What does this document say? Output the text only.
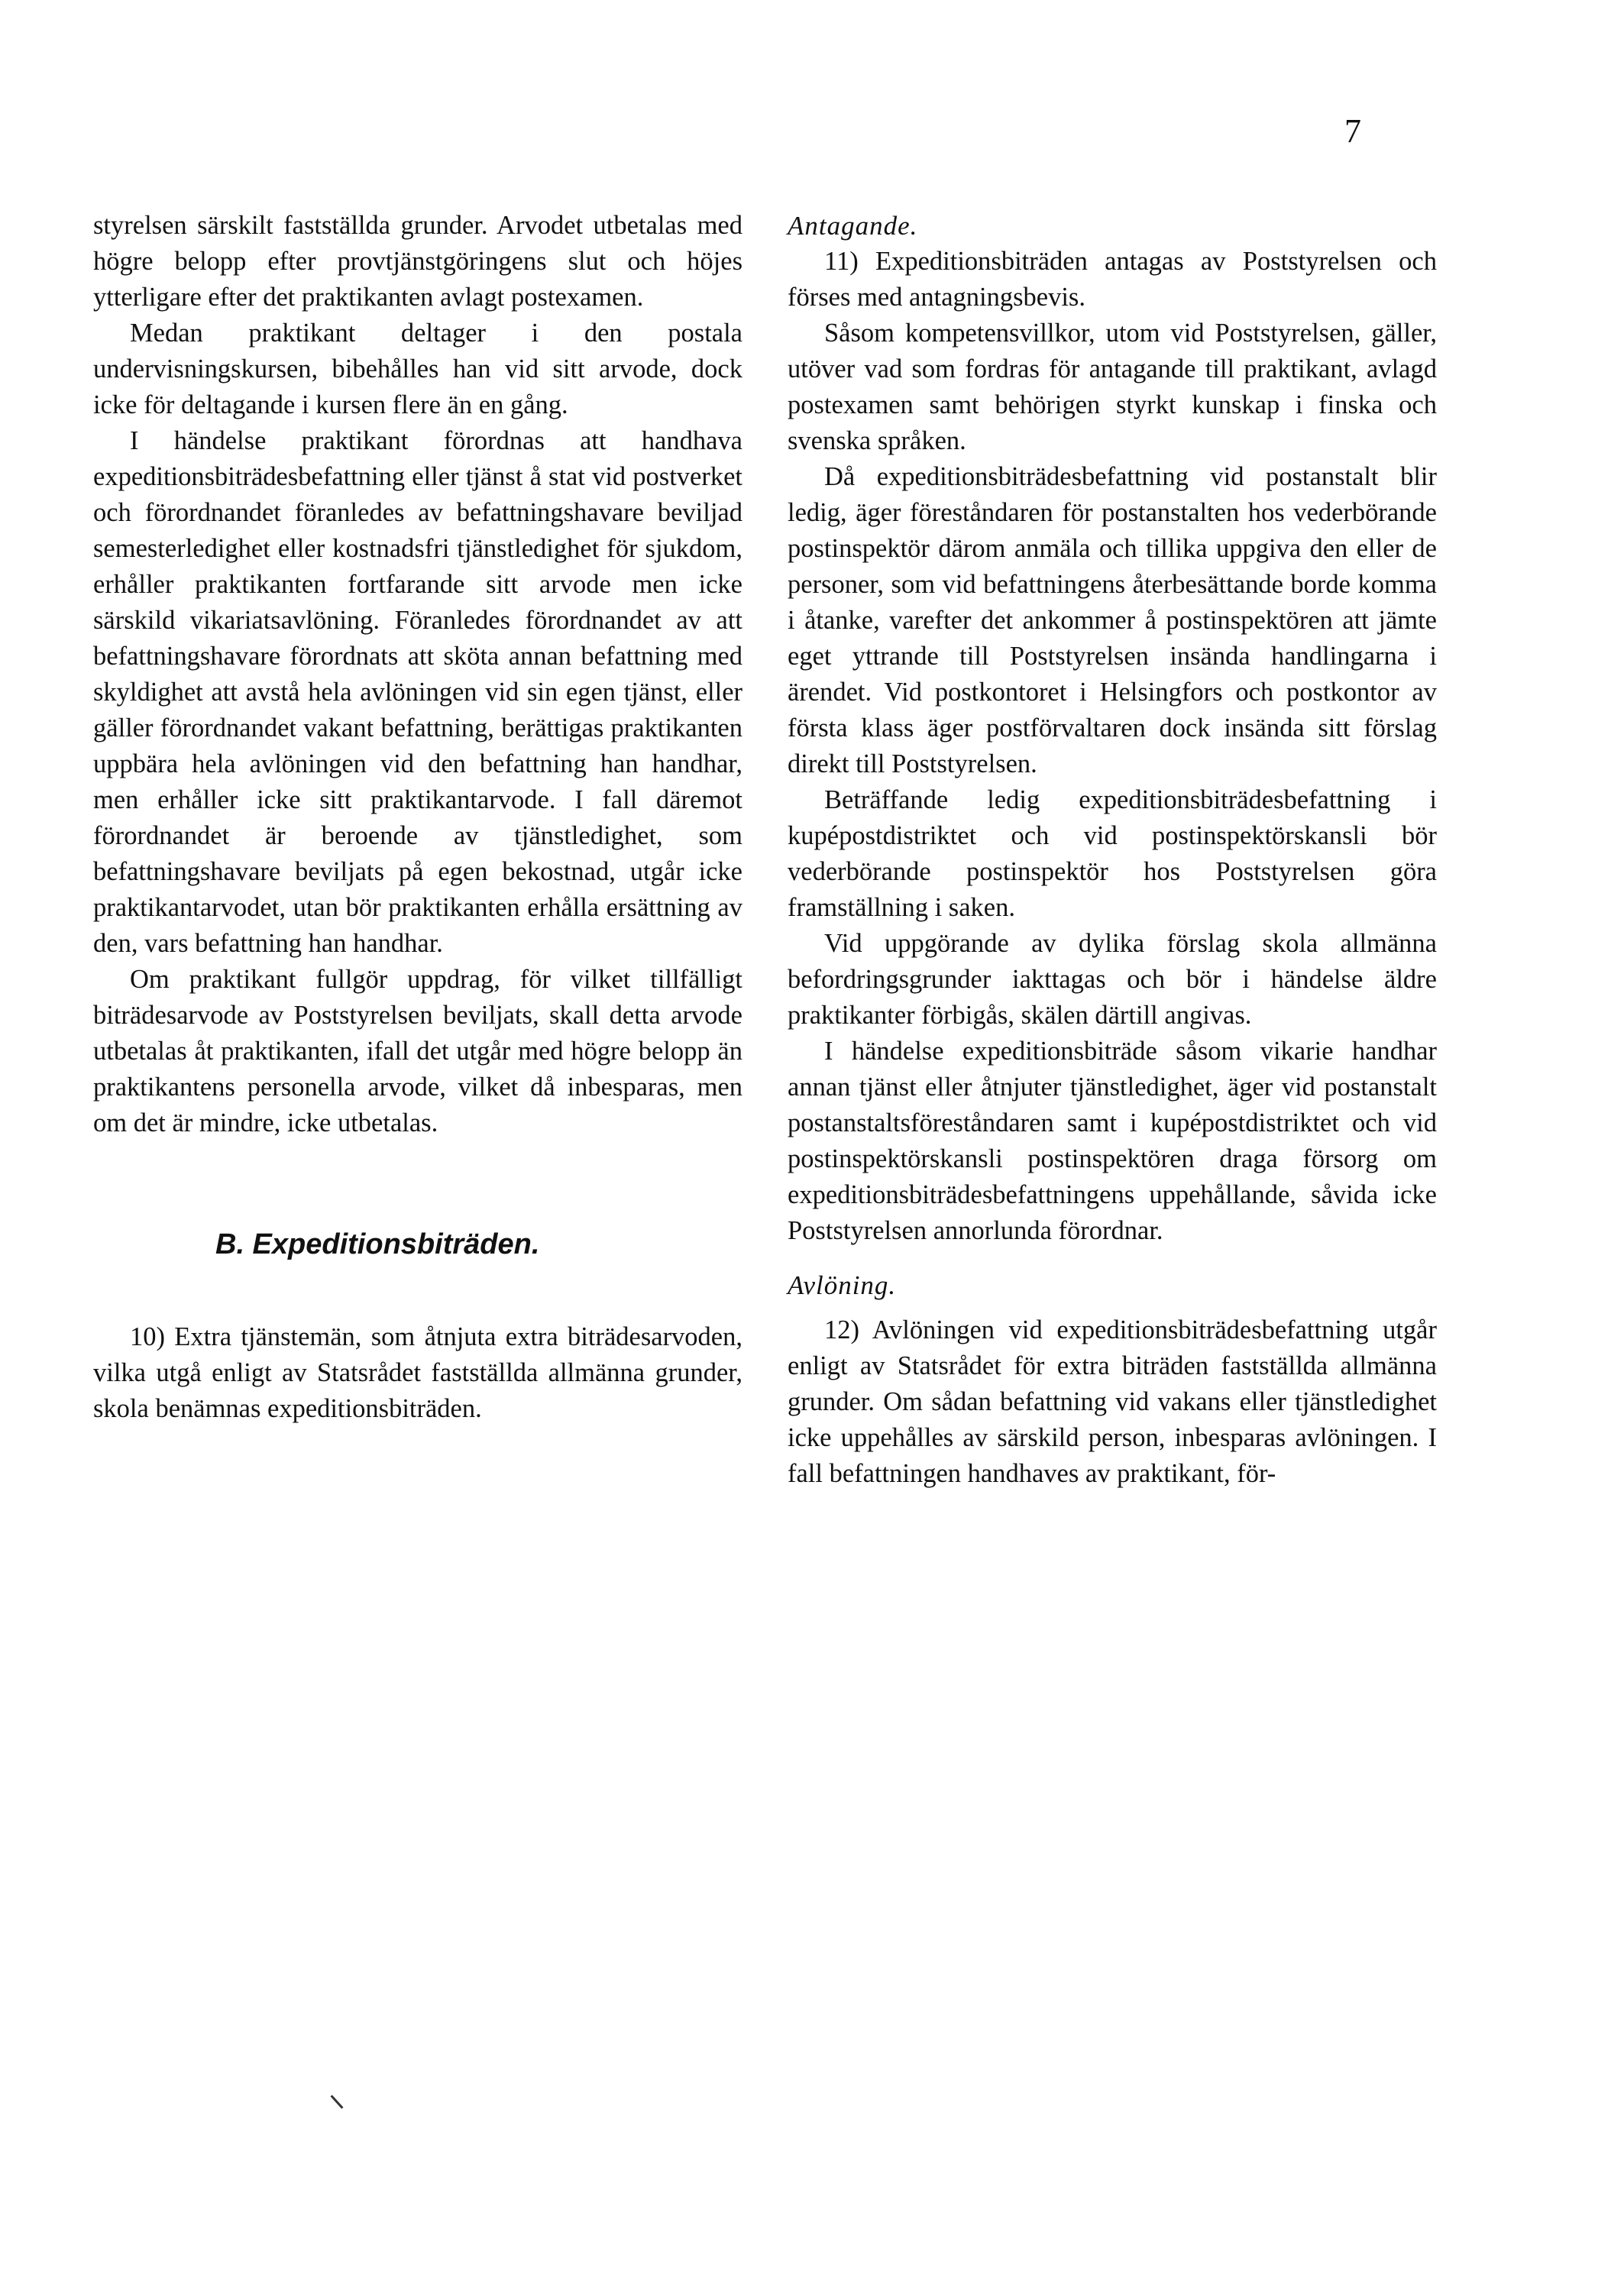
7

styrelsen särskilt fastställda grunder. Arvodet utbetalas med högre belopp efter provtjänstgöringens slut och höjes ytterligare efter det praktikanten avlagt postexamen.

Medan praktikant deltager i den postala undervisningskursen, bibehålles han vid sitt arvode, dock icke för deltagande i kursen flere än en gång.

I händelse praktikant förordnas att handhava expeditionsbiträdesbefattning eller tjänst å stat vid postverket och förordnandet föranledes av befattningshavare beviljad semesterledighet eller kostnadsfri tjänstledighet för sjukdom, erhåller praktikanten fortfarande sitt arvode men icke särskild vikariatsavlöning. Föranledes förordnandet av att befattningshavare förordnats att sköta annan befattning med skyldighet att avstå hela avlöningen vid sin egen tjänst, eller gäller förordnandet vakant befattning, berättigas praktikanten uppbära hela avlöningen vid den befattning han handhar, men erhåller icke sitt praktikantarvode. I fall däremot förordnandet är beroende av tjänstledighet, som befattningshavare beviljats på egen bekostnad, utgår icke praktikantarvodet, utan bör praktikanten erhålla ersättning av den, vars befattning han handhar.

Om praktikant fullgör uppdrag, för vilket tillfälligt biträdesarvode av Poststyrelsen beviljats, skall detta arvode utbetalas åt praktikanten, ifall det utgår med högre belopp än praktikantens personella arvode, vilket då inbesparas, men om det är mindre, icke utbetalas.

B. Expeditionsbiträden.

10) Extra tjänstemän, som åtnjuta extra biträdesarvoden, vilka utgå enligt av Statsrådet fastställda allmänna grunder, skola benämnas expeditionsbiträden.

Antagande.

11) Expeditionsbiträden antagas av Poststyrelsen och förses med antagningsbevis.

Såsom kompetensvillkor, utom vid Poststyrelsen, gäller, utöver vad som fordras för antagande till praktikant, avlagd postexamen samt behörigen styrkt kunskap i finska och svenska språken.

Då expeditionsbiträdesbefattning vid postanstalt blir ledig, äger föreståndaren för postanstalten hos vederbörande postinspektör därom anmäla och tillika uppgiva den eller de personer, som vid befattningens återbesättande borde komma i åtanke, varefter det ankommer å postinspektören att jämte eget yttrande till Poststyrelsen insända handlingarna i ärendet. Vid postkontoret i Helsingfors och postkontor av första klass äger postförvaltaren dock insända sitt förslag direkt till Poststyrelsen.

Beträffande ledig expeditionsbiträdesbefattning i kupépostdistriktet och vid postinspektörskansli bör vederbörande postinspektör hos Poststyrelsen göra framställning i saken.

Vid uppgörande av dylika förslag skola allmänna befordringsgrunder iakttagas och bör i händelse äldre praktikanter förbigås, skälen därtill angivas.

I händelse expeditionsbiträde såsom vikarie handhar annan tjänst eller åtnjuter tjänstledighet, äger vid postanstalt postanstaltsföreståndaren samt i kupépostdistriktet och vid postinspektörskansli postinspektören draga försorg om expeditionsbiträdesbefattningens uppehållande, såvida icke Poststyrelsen annorlunda förordnar.

Avlöning.

12) Avlöningen vid expeditionsbiträdesbefattning utgår enligt av Statsrådet för extra biträden fastställda allmänna grunder. Om sådan befattning vid vakans eller tjänstledighet icke uppehålles av särskild person, inbesparas avlöningen. I fall befattningen handhaves av praktikant, för-
